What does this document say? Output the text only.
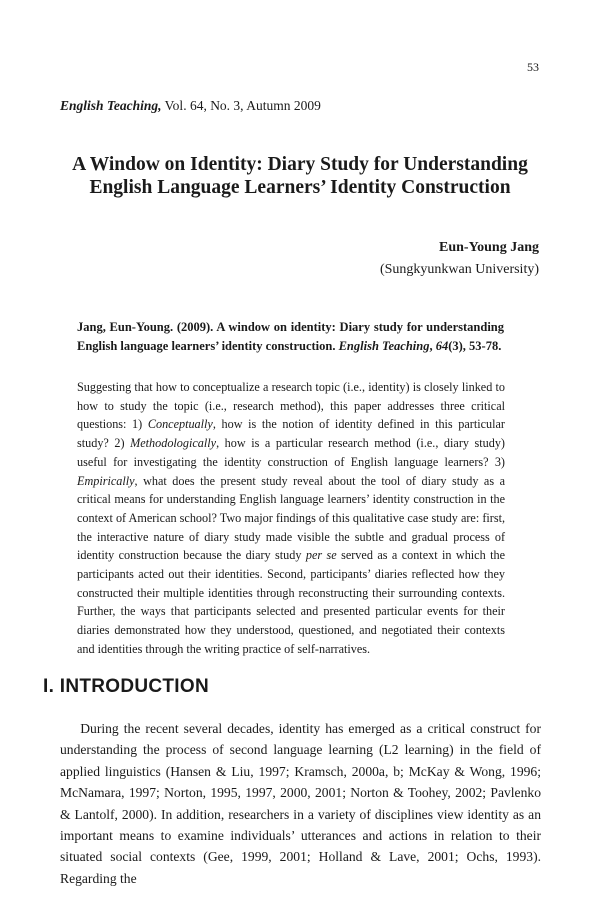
53
English Teaching, Vol. 64, No. 3, Autumn 2009
A Window on Identity: Diary Study for Understanding
English Language Learners’ Identity Construction
Eun-Young Jang
(Sungkyunkwan University)
Jang, Eun-Young. (2009). A window on identity: Diary study for understanding English language learners’ identity construction. English Teaching, 64(3), 53-78.
Suggesting that how to conceptualize a research topic (i.e., identity) is closely linked to how to study the topic (i.e., research method), this paper addresses three critical questions: 1) Conceptually, how is the notion of identity defined in this particular study? 2) Methodologically, how is a particular research method (i.e., diary study) useful for investigating the identity construction of English language learners? 3) Empirically, what does the present study reveal about the tool of diary study as a critical means for understanding English language learners’ identity construction in the context of American school? Two major findings of this qualitative case study are: first, the interactive nature of diary study made visible the subtle and gradual process of identity construction because the diary study per se served as a context in which the participants acted out their identities. Second, participants’ diaries reflected how they constructed their multiple identities through reconstructing their surrounding contexts. Further, the ways that participants selected and presented particular events for their diaries demonstrated how they understood, questioned, and negotiated their contexts and identities through the writing practice of self-narratives.
I. INTRODUCTION
During the recent several decades, identity has emerged as a critical construct for understanding the process of second language learning (L2 learning) in the field of applied linguistics (Hansen & Liu, 1997; Kramsch, 2000a, b; McKay & Wong, 1996; McNamara, 1997; Norton, 1995, 1997, 2000, 2001; Norton & Toohey, 2002; Pavlenko & Lantolf, 2000). In addition, researchers in a variety of disciplines view identity as an important means to examine individuals’ utterances and actions in relation to their situated social contexts (Gee, 1999, 2001; Holland & Lave, 2001; Ochs, 1993). Regarding the
